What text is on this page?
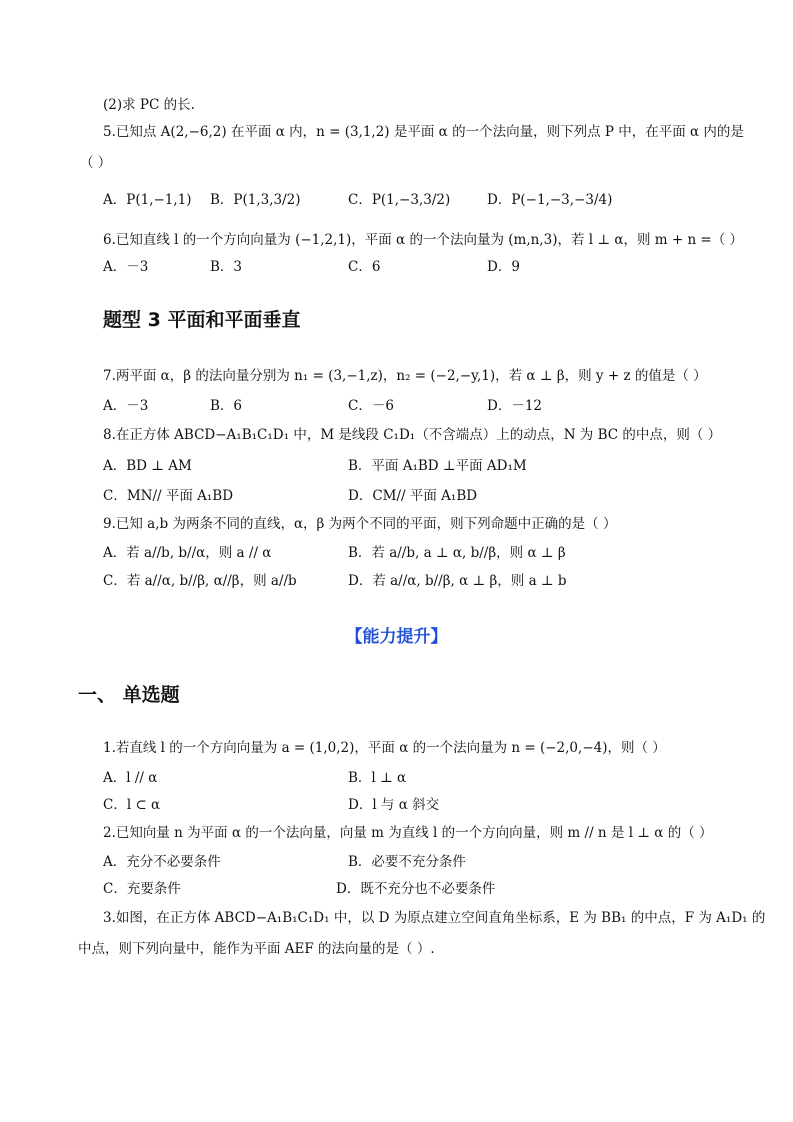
(2)求 PC 的长.
5.已知点 A(2,−6,2) 在平面 α 内，n = (3,1,2) 是平面 α 的一个法向量，则下列点 P 中，在平面 α 内的是
（ ）
A．P(1,−1,1) B．P(1,3,3/2)	C．P(1,−3,3/2)	D．P(−1,−3,−3/4)
6.已知直线 l 的一个方向向量为 (−1,2,1)，平面 α 的一个法向量为 (m,n,3)，若 l ⊥ α，则 m + n =（ ）
A．－3	B．3	C．6	D．9
题型 3 平面和平面垂直
7.两平面 α，β 的法向量分别为 n₁ = (3,−1,z)，n₂ = (−2,−y,1)，若 α ⊥ β，则 y + z 的值是（ ）
A．－3	B．6	C．－6	D．－12
8.在正方体 ABCD−A₁B₁C₁D₁ 中，M 是线段 C₁D₁（不含端点）上的动点，N 为 BC 的中点，则（ ）
A．BD ⊥ AM	B．平面 A₁BD ⊥平面 AD₁M
C．MN// 平面 A₁BD	D．CM// 平面 A₁BD
9.已知 a,b 为两条不同的直线，α，β 为两个不同的平面，则下列命题中正确的是（ ）
A．若 a//b, b//α，则 a // α	B．若 a//b, a ⊥ α, b//β，则 α ⊥ β
C．若 a//α, b//β, α//β，则 a//b	D．若 a//α, b//β, α ⊥ β，则 a ⊥ b
【能力提升】
一、 单选题
1.若直线 l 的一个方向向量为 a = (1,0,2)，平面 α 的一个法向量为 n = (−2,0,−4)，则（ ）
A．l // α	B．l ⊥ α
C．l ⊂ α	D．l 与 α 斜交
2.已知向量 n 为平面 α 的一个法向量，向量 m 为直线 l 的一个方向向量，则 m // n 是 l ⊥ α 的（ ）
A．充分不必要条件	B．必要不充分条件
C．充要条件	D．既不充分也不必要条件
3.如图，在正方体 ABCD−A₁B₁C₁D₁ 中，以 D 为原点建立空间直角坐标系，E 为 BB₁ 的中点，F 为 A₁D₁ 的
中点，则下列向量中，能作为平面 AEF 的法向量的是（ ）.
